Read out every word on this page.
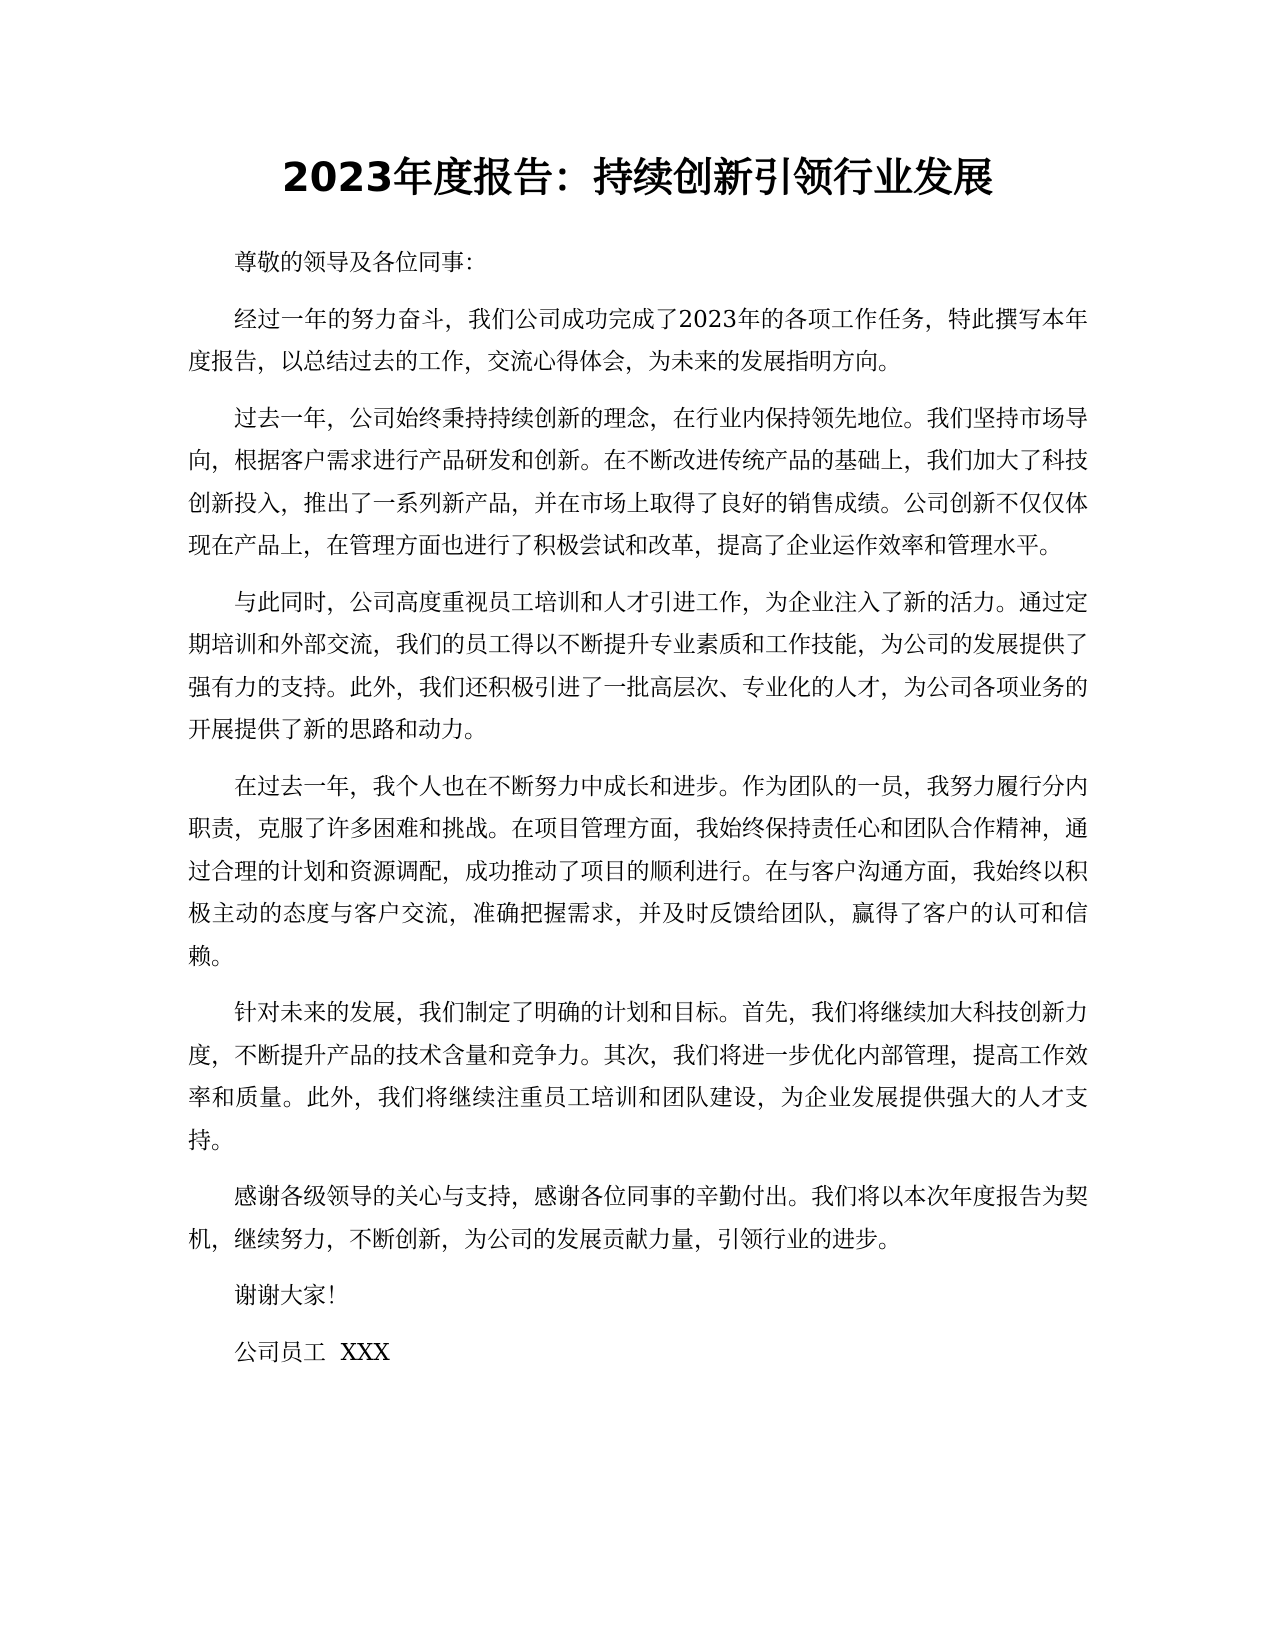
2023年度报告：持续创新引领行业发展

尊敬的领导及各位同事：

经过一年的努力奋斗，我们公司成功完成了2023年的各项工作任务，特此撰写本年度报告，以总结过去的工作，交流心得体会，为未来的发展指明方向。

过去一年，公司始终秉持持续创新的理念，在行业内保持领先地位。我们坚持市场导向，根据客户需求进行产品研发和创新。在不断改进传统产品的基础上，我们加大了科技创新投入，推出了一系列新产品，并在市场上取得了良好的销售成绩。公司创新不仅仅体现在产品上，在管理方面也进行了积极尝试和改革，提高了企业运作效率和管理水平。

与此同时，公司高度重视员工培训和人才引进工作，为企业注入了新的活力。通过定期培训和外部交流，我们的员工得以不断提升专业素质和工作技能，为公司的发展提供了强有力的支持。此外，我们还积极引进了一批高层次、专业化的人才，为公司各项业务的开展提供了新的思路和动力。

在过去一年，我个人也在不断努力中成长和进步。作为团队的一员，我努力履行分内职责，克服了许多困难和挑战。在项目管理方面，我始终保持责任心和团队合作精神，通过合理的计划和资源调配，成功推动了项目的顺利进行。在与客户沟通方面，我始终以积极主动的态度与客户交流，准确把握需求，并及时反馈给团队，赢得了客户的认可和信赖。

针对未来的发展，我们制定了明确的计划和目标。首先，我们将继续加大科技创新力度，不断提升产品的技术含量和竞争力。其次，我们将进一步优化内部管理，提高工作效率和质量。此外，我们将继续注重员工培训和团队建设，为企业发展提供强大的人才支持。

感谢各级领导的关心与支持，感谢各位同事的辛勤付出。我们将以本次年度报告为契机，继续努力，不断创新，为公司的发展贡献力量，引领行业的进步。

谢谢大家！

公司员工  XXX
